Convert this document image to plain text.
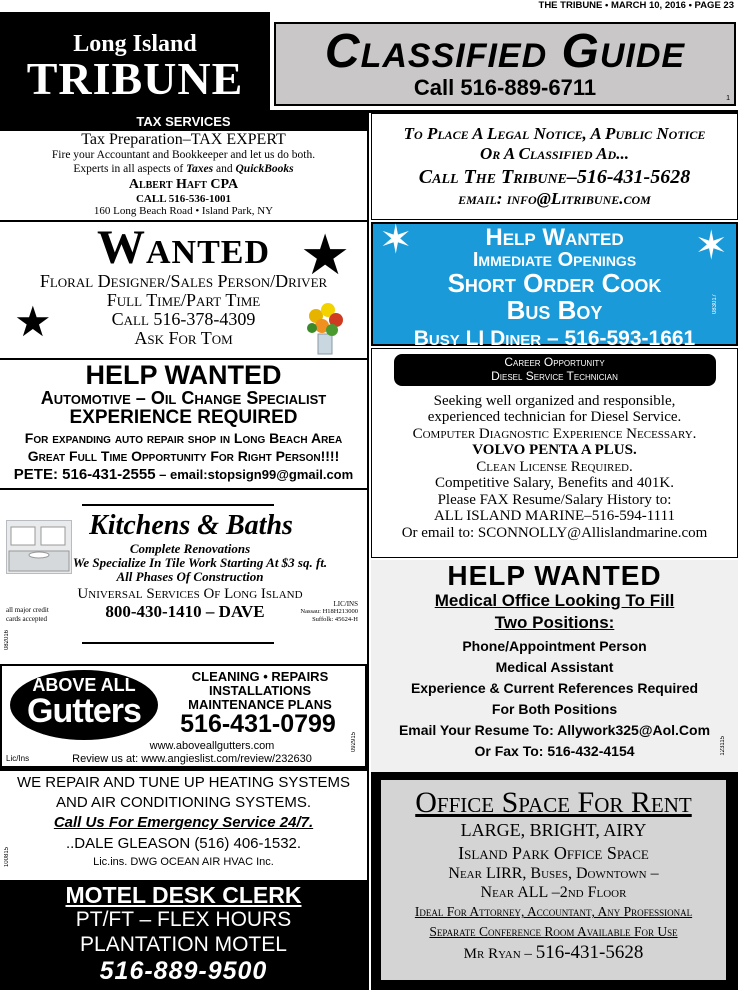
THE TRIBUNE • MARCH 10, 2016 • PAGE 23
Long Island
TRIBUNE
Classified Guide
Call 516-889-6711	1
TAX SERVICES
Tax Preparation–TAX EXPERT
Fire your Accountant and Bookkeeper and let us do both.
Experts in all aspects of Taxes and QuickBooks
Albert Haft CPA
CALL 516-536-1001
160 Long Beach Road • Island Park, NY
To Place A Legal Notice, A Public Notice
Or A Classified Ad...
Call The Tribune–516-431-5628
email: info@Litribune.com
Wanted
Floral Designer/Sales Person/Driver
Full Time/Part Time
Call 516-378-4309
Ask For Tom
★
★
Help Wanted
Immediate Openings
Short Order Cook
Bus Boy
Busy LI Diner – 516-593-1661
✶	✶
083017
HELP WANTED
Automotive – Oil Change Specialist
EXPERIENCE REQUIRED
For expanding auto repair shop in Long Beach Area
Great Full Time Opportunity For Right Person!!!!
PETE: 516-431-2555 – email:stopsign99@gmail.com
Career Opportunity
Diesel Service Technician
Seeking well organized and responsible,
experienced technician for Diesel Service.
Computer Diagnostic Experience Necessary.
VOLVO PENTA A PLUS.
Clean License Required.
Competitive Salary, Benefits and 401K.
Please FAX Resume/Salary History to:
ALL ISLAND MARINE–516-594-1111
Or email to: SCONNOLLY@Allislandmarine.com
Kitchens & Baths
Complete Renovations
We Specialize In Tile Work Starting At $3 sq. ft.
All Phases Of Construction
Universal Services Of Long Island
800-430-1410 – DAVE
all major credit
cards accepted
LIC/INS
Nassau: H18H213000
Suffolk: 45624-H
082016
HELP WANTED
Medical Office Looking To Fill
Two Positions:
Phone/Appointment Person
Medical Assistant
Experience & Current References Required
For Both Positions
Email Your Resume To: Allywork325@Aol.Com
Or Fax To: 516-432-4154	123115
ABOVE ALL
Gutters
CLEANING • REPAIRS
INSTALLATIONS
MAINTENANCE PLANS
516-431-0799
www.aboveallgutters.com
Review us at: www.angieslist.com/review/232630
Lic/Ins
092915
WE REPAIR AND TUNE UP HEATING SYSTEMS
AND AIR CONDITIONING SYSTEMS.
Call Us For Emergency Service 24/7.
..DALE GLEASON (516) 406-1532.
Lic.ins. DWG OCEAN AIR HVAC Inc.
100815
MOTEL DESK CLERK
PT/FT – FLEX HOURS
PLANTATION MOTEL
516-889-9500
Office Space For Rent
LARGE, BRIGHT, AIRY
Island Park Office Space
Near LIRR, Buses, Downtown –
Near ALL –2nd Floor
Ideal For Attorney, Accountant, Any Professional
Separate Conference Room Available For Use
Mr Ryan – 516-431-5628
